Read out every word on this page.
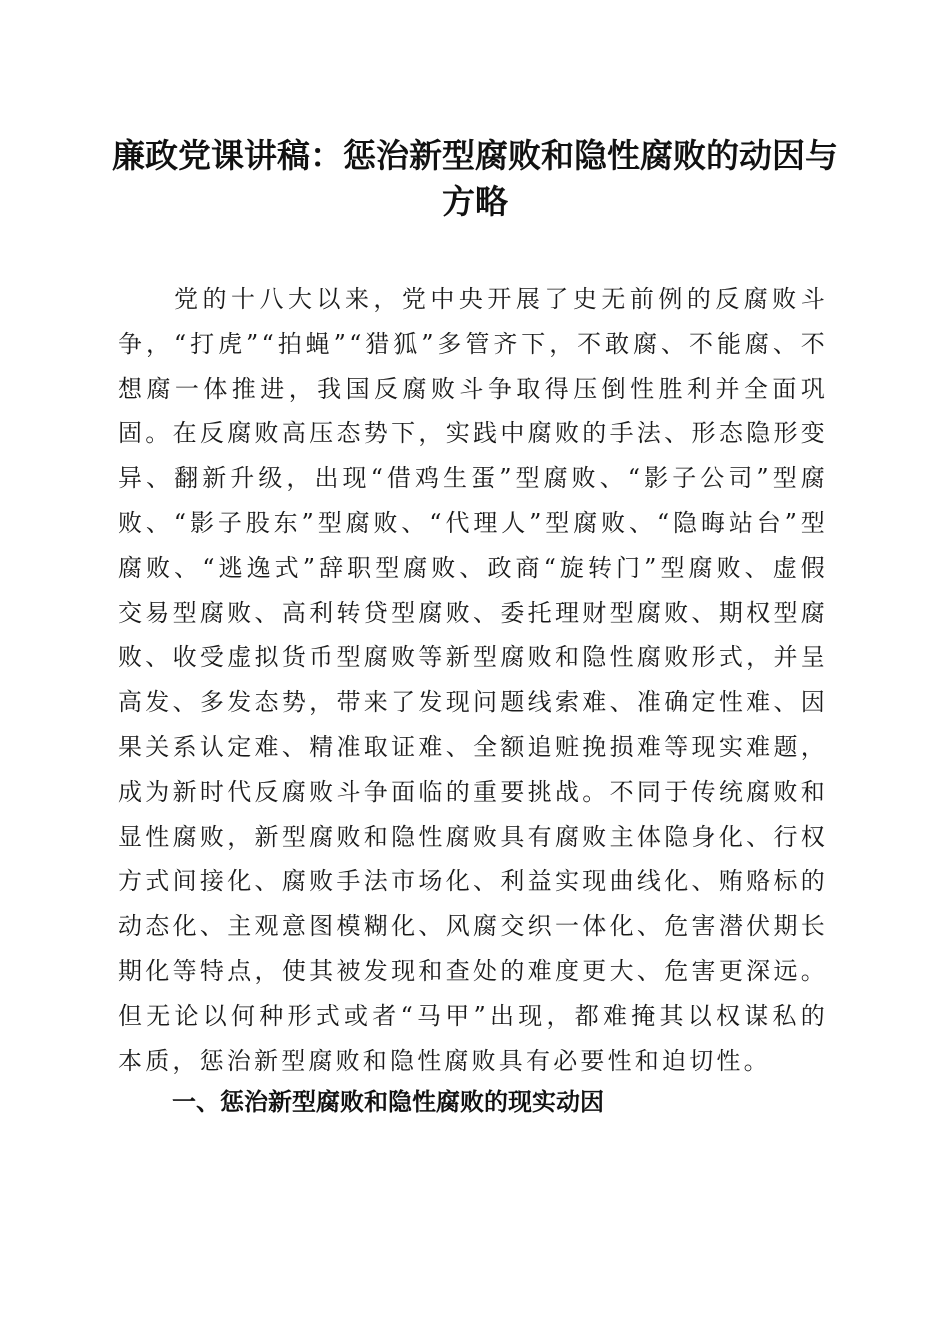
廉政党课讲稿：惩治新型腐败和隐性腐败的动因与方略

党的十八大以来，党中央开展了史无前例的反腐败斗争，“打虎”“拍蝇”“猎狐”多管齐下，不敢腐、不能腐、不想腐一体推进，我国反腐败斗争取得压倒性胜利并全面巩固。在反腐败高压态势下，实践中腐败的手法、形态隐形变异、翻新升级，出现“借鸡生蛋”型腐败、“影子公司”型腐败、“影子股东”型腐败、“代理人”型腐败、“隐晦站台”型腐败、“逃逸式”辞职型腐败、政商“旋转门”型腐败、虚假交易型腐败、高利转贷型腐败、委托理财型腐败、期权型腐败、收受虚拟货币型腐败等新型腐败和隐性腐败形式，并呈高发、多发态势，带来了发现问题线索难、准确定性难、因果关系认定难、精准取证难、全额追赃挽损难等现实难题，成为新时代反腐败斗争面临的重要挑战。不同于传统腐败和显性腐败，新型腐败和隐性腐败具有腐败主体隐身化、行权方式间接化、腐败手法市场化、利益实现曲线化、贿赂标的动态化、主观意图模糊化、风腐交织一体化、危害潜伏期长期化等特点，使其被发现和查处的难度更大、危害更深远。但无论以何种形式或者“马甲”出现，都难掩其以权谋私的本质，惩治新型腐败和隐性腐败具有必要性和迫切性。

一、惩治新型腐败和隐性腐败的现实动因
